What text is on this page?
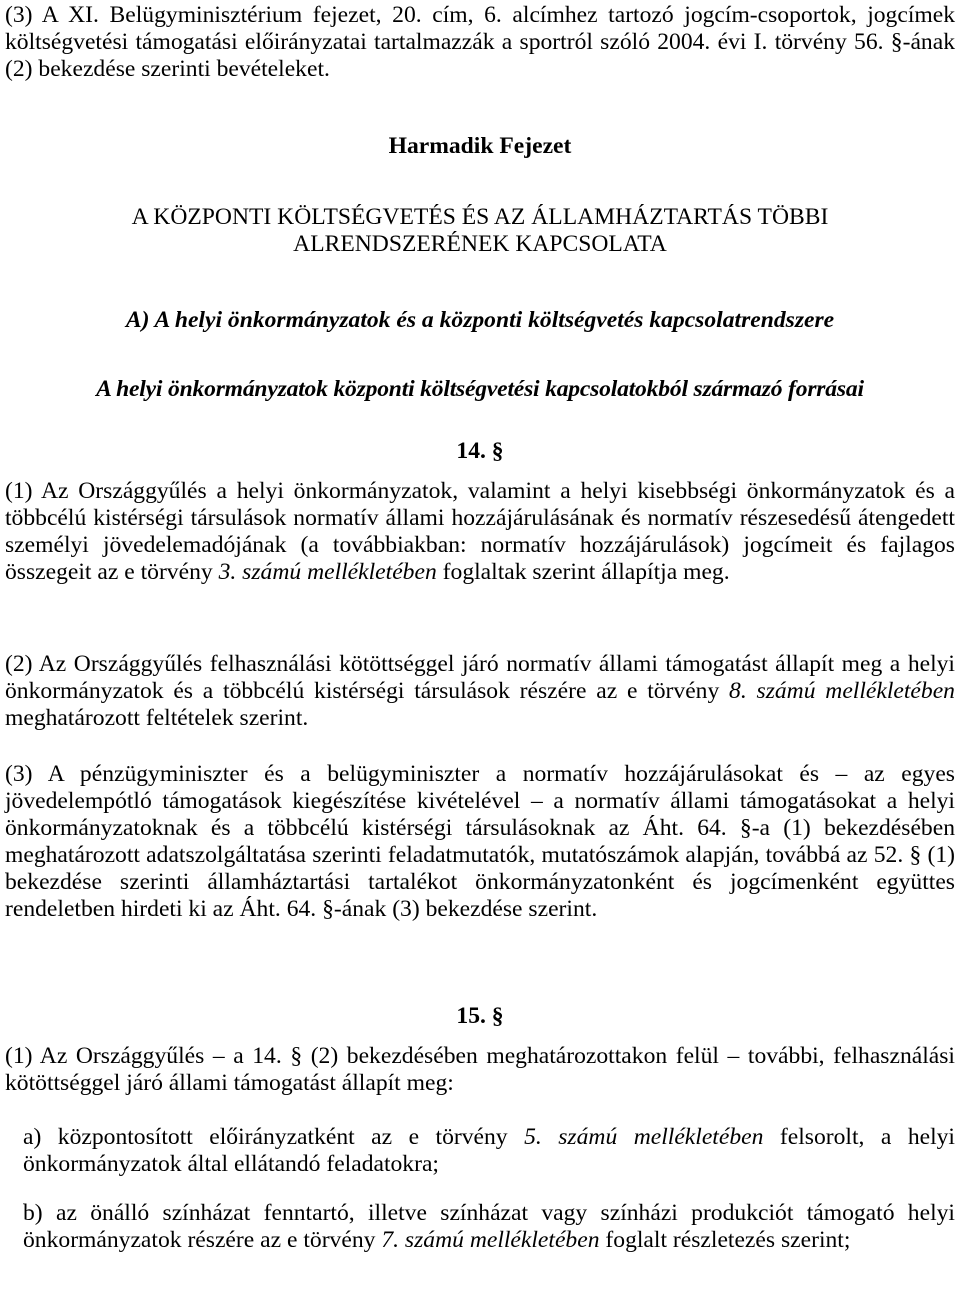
(3) A XI. Belügyminisztérium fejezet, 20. cím, 6. alcímhez tartozó jogcím-csoportok, jogcímek költségvetési támogatási előirányzatai tartalmazzák a sportról szóló 2004. évi I. törvény 56. §-ának (2) bekezdése szerinti bevételeket.

Harmadik Fejezet

A KÖZPONTI KÖLTSÉGVETÉS ÉS AZ ÁLLAMHÁZTARTÁS TÖBBI ALRENDSZERÉNEK KAPCSOLATA

A) A helyi önkormányzatok és a központi költségvetés kapcsolatrendszere

A helyi önkormányzatok központi költségvetési kapcsolatokból származó forrásai

14. §

(1) Az Országgyűlés a helyi önkormányzatok, valamint a helyi kisebbségi önkormányzatok és a többcélú kistérségi társulások normatív állami hozzájárulásának és normatív részesedésű átengedett személyi jövedelemadójának (a továbbiakban: normatív hozzájárulások) jogcímeit és fajlagos összegeit az e törvény 3. számú mellékletében foglaltak szerint állapítja meg.

(2) Az Országgyűlés felhasználási kötöttséggel járó normatív állami támogatást állapít meg a helyi önkormányzatok és a többcélú kistérségi társulások részére az e törvény 8. számú mellékletében meghatározott feltételek szerint.

(3) A pénzügyminiszter és a belügyminiszter a normatív hozzájárulásokat és – az egyes jövedelempótló támogatások kiegészítése kivételével – a normatív állami támogatásokat a helyi önkormányzatoknak és a többcélú kistérségi társulásoknak az Áht. 64. §-a (1) bekezdésében meghatározott adatszolgáltatása szerinti feladatmutatók, mutatószámok alapján, továbbá az 52. § (1) bekezdése szerinti államháztartási tartalékot önkormányzatonként és jogcímenként együttes rendeletben hirdeti ki az Áht. 64. §-ának (3) bekezdése szerint.

15. §

(1) Az Országgyűlés – a 14. § (2) bekezdésében meghatározottakon felül – további, felhasználási kötöttséggel járó állami támogatást állapít meg:

a) központosított előirányzatként az e törvény 5. számú mellékletében felsorolt, a helyi önkormányzatok által ellátandó feladatokra;

b) az önálló színházat fenntartó, illetve színházat vagy színházi produkciót támogató helyi önkormányzatok részére az e törvény 7. számú mellékletében foglalt részletezés szerint;
